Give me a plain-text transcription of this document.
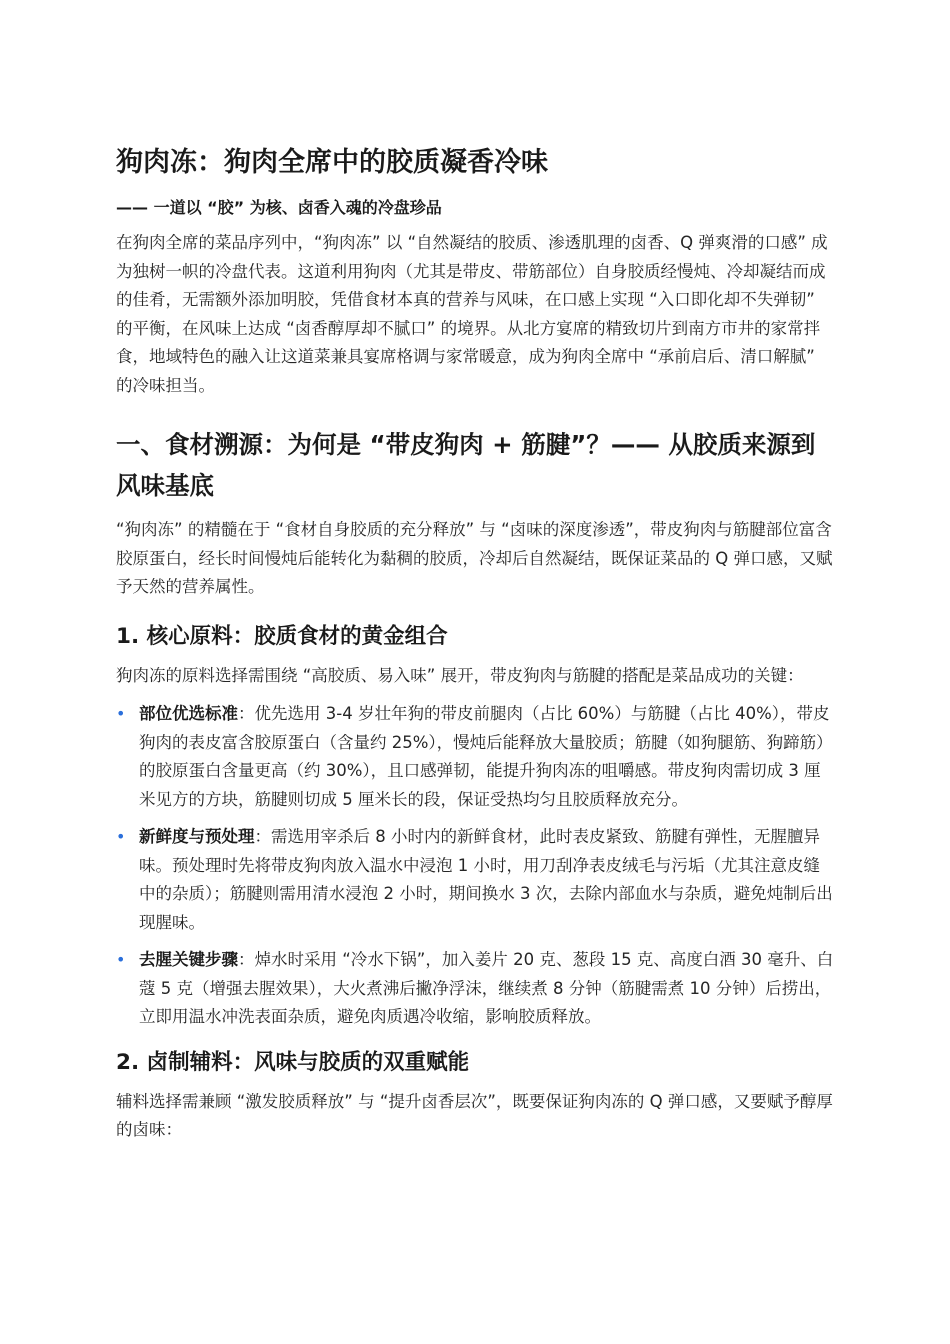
狗肉冻：狗肉全席中的胶质凝香冷味
—— 一道以 “胶” 为核、卤香入魂的冷盘珍品

在狗肉全席的菜品序列中，“狗肉冻” 以 “自然凝结的胶质、渗透肌理的卤香、Q 弹爽滑的口感” 成为独树一帜的冷盘代表。这道利用狗肉（尤其是带皮、带筋部位）自身胶质经慢炖、冷却凝结而成的佳肴，无需额外添加明胶，凭借食材本真的营养与风味，在口感上实现 “入口即化却不失弹韧” 的平衡，在风味上达成 “卤香醇厚却不腻口” 的境界。从北方宴席的精致切片到南方市井的家常拌食，地域特色的融入让这道菜兼具宴席格调与家常暖意，成为狗肉全席中 “承前启后、清口解腻” 的冷味担当。

一、食材溯源：为何是 “带皮狗肉 + 筋腱”？—— 从胶质来源到风味基底

“狗肉冻” 的精髓在于 “食材自身胶质的充分释放” 与 “卤味的深度渗透”，带皮狗肉与筋腱部位富含胶原蛋白，经长时间慢炖后能转化为黏稠的胶质，冷却后自然凝结，既保证菜品的 Q 弹口感，又赋予天然的营养属性。

1. 核心原料：胶质食材的黄金组合

狗肉冻的原料选择需围绕 “高胶质、易入味” 展开，带皮狗肉与筋腱的搭配是菜品成功的关键：

• 部位优选标准：优先选用 3-4 岁壮年狗的带皮前腿肉（占比 60%）与筋腱（占比 40%），带皮狗肉的表皮富含胶原蛋白（含量约 25%），慢炖后能释放大量胶质；筋腱（如狗腿筋、狗蹄筋）的胶原蛋白含量更高（约 30%），且口感弹韧，能提升狗肉冻的咀嚼感。带皮狗肉需切成 3 厘米见方的方块，筋腱则切成 5 厘米长的段，保证受热均匀且胶质释放充分。
• 新鲜度与预处理：需选用宰杀后 8 小时内的新鲜食材，此时表皮紧致、筋腱有弹性，无腥膻异味。预处理时先将带皮狗肉放入温水中浸泡 1 小时，用刀刮净表皮绒毛与污垢（尤其注意皮缝中的杂质）；筋腱则需用清水浸泡 2 小时，期间换水 3 次，去除内部血水与杂质，避免炖制后出现腥味。
• 去腥关键步骤：焯水时采用 “冷水下锅”，加入姜片 20 克、葱段 15 克、高度白酒 30 毫升、白蔻 5 克（增强去腥效果），大火煮沸后撇净浮沫，继续煮 8 分钟（筋腱需煮 10 分钟）后捞出，立即用温水冲洗表面杂质，避免肉质遇冷收缩，影响胶质释放。
2. 卤制辅料：风味与胶质的双重赋能

辅料选择需兼顾 “激发胶质释放” 与 “提升卤香层次”，既要保证狗肉冻的 Q 弹口感，又要赋予醇厚的卤味：
